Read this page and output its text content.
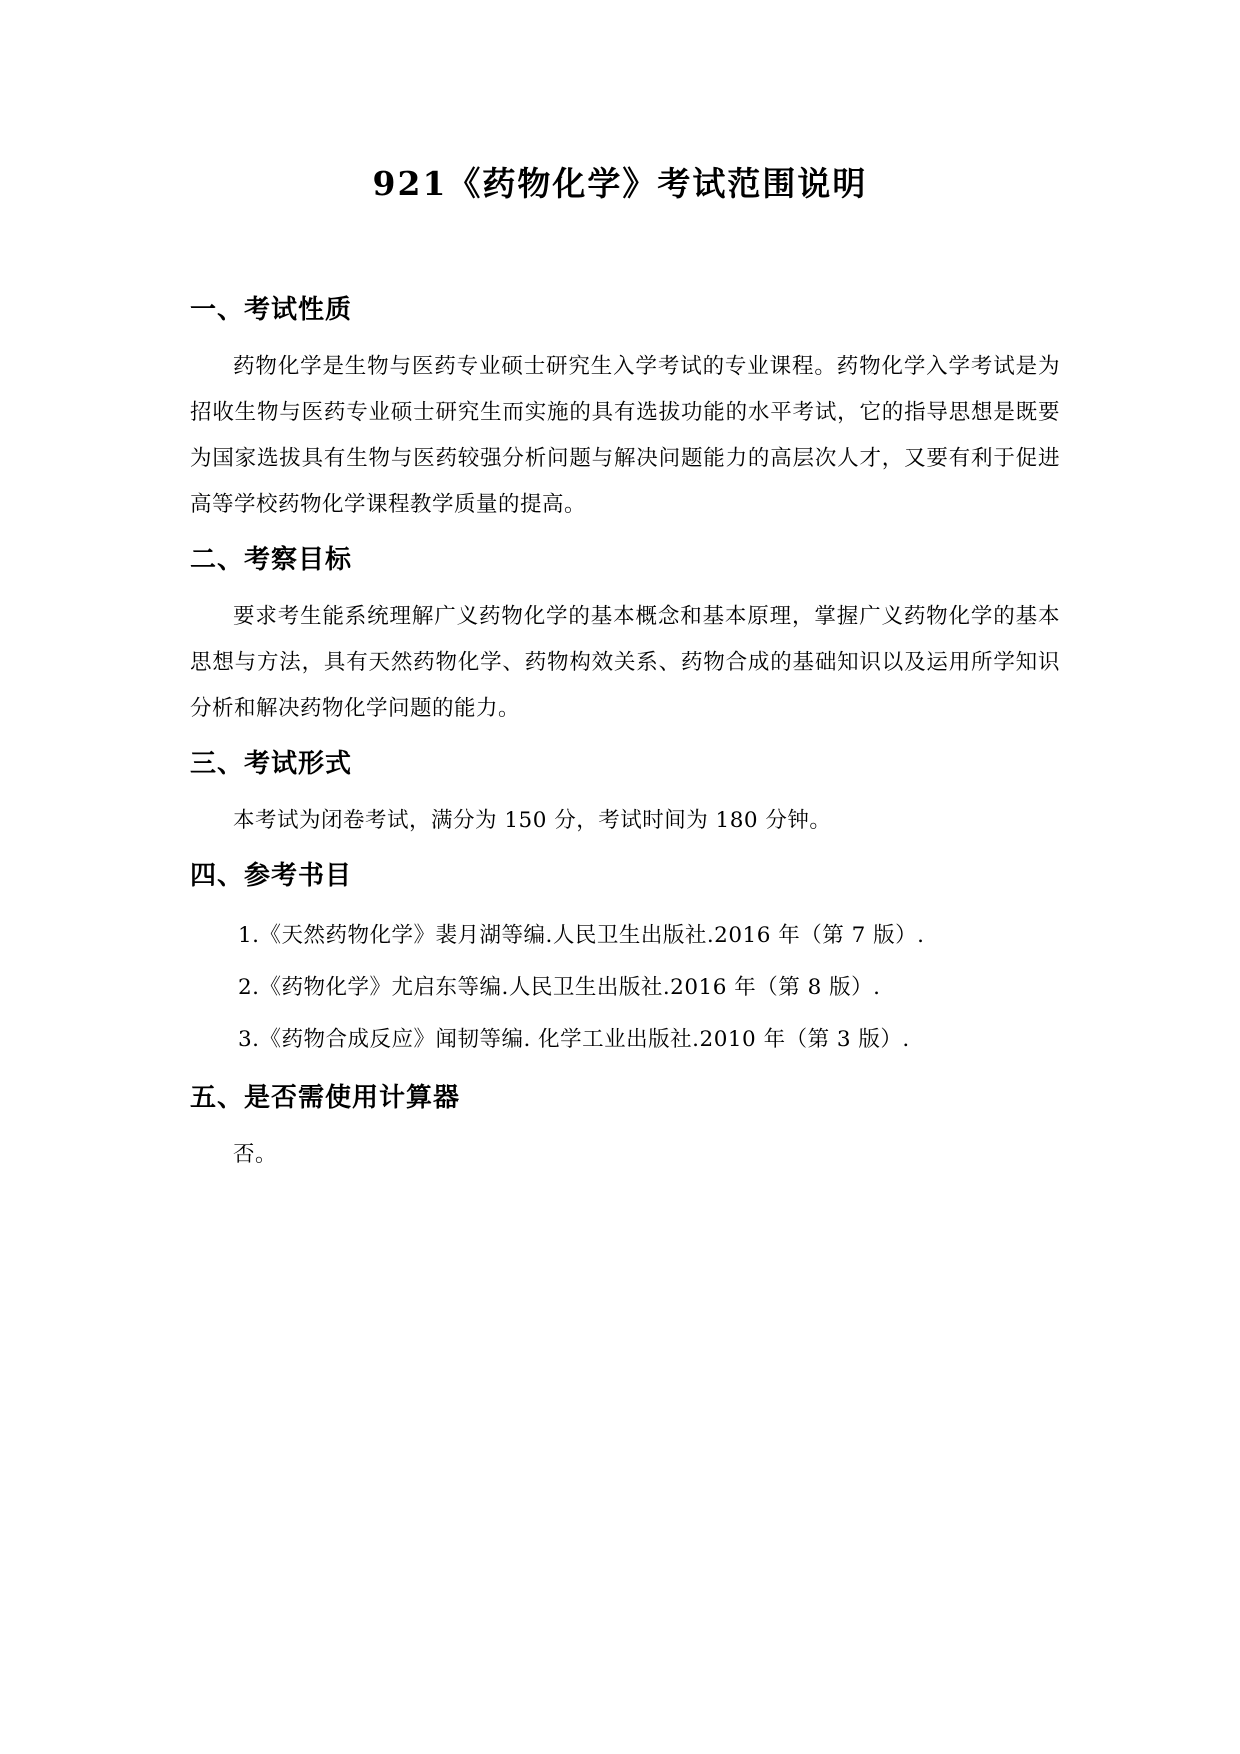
921《药物化学》考试范围说明
一、考试性质

药物化学是生物与医药专业硕士研究生入学考试的专业课程。药物化学入学考试是为招收生物与医药专业硕士研究生而实施的具有选拔功能的水平考试，它的指导思想是既要为国家选拔具有生物与医药较强分析问题与解决问题能力的高层次人才，又要有利于促进高等学校药物化学课程教学质量的提高。

二、考察目标

要求考生能系统理解广义药物化学的基本概念和基本原理，掌握广义药物化学的基本思想与方法，具有天然药物化学、药物构效关系、药物合成的基础知识以及运用所学知识分析和解决药物化学问题的能力。

三、考试形式

本考试为闭卷考试，满分为 150 分，考试时间为 180 分钟。

四、参考书目
1.《天然药物化学》裴月湖等编.人民卫生出版社.2016 年（第 7 版）.
2.《药物化学》尤启东等编.人民卫生出版社.2016 年（第 8 版）.
3.《药物合成反应》闻韧等编. 化学工业出版社.2010 年（第 3 版）.
五、是否需使用计算器

否。
